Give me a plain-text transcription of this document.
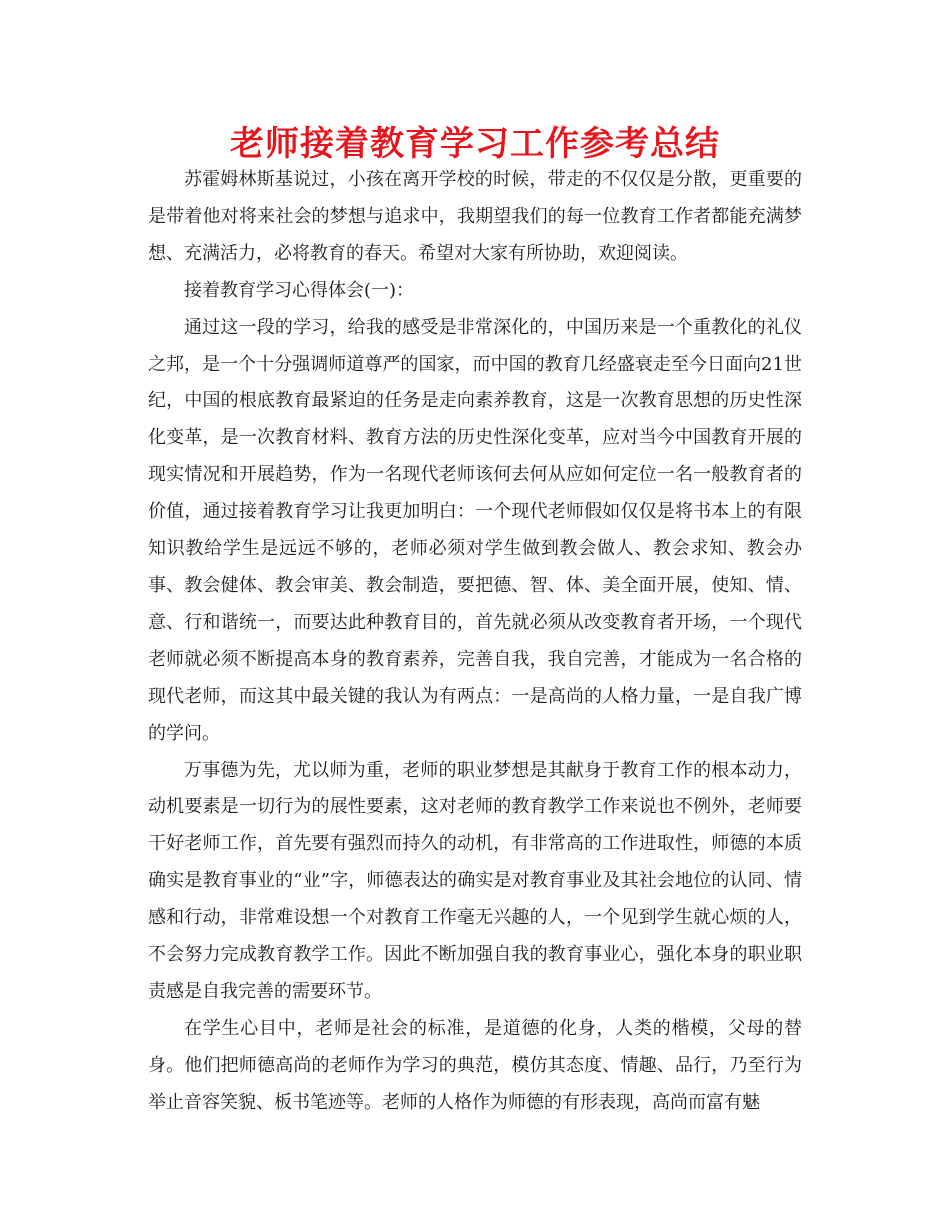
老师接着教育学习工作参考总结

苏霍姆林斯基说过，小孩在离开学校的时候，带走的不仅仅是分散，更重要的是带着他对将来社会的梦想与追求中，我期望我们的每一位教育工作者都能充满梦想、充满活力，必将教育的春天。希望对大家有所协助，欢迎阅读。

接着教育学习心得体会(一)：

通过这一段的学习，给我的感受是非常深化的，中国历来是一个重教化的礼仪之邦，是一个十分强调师道尊严的国家，而中国的教育几经盛衰走至今日面向21世纪，中国的根底教育最紧迫的任务是走向素养教育，这是一次教育思想的历史性深化变革，是一次教育材料、教育方法的历史性深化变革，应对当今中国教育开展的现实情况和开展趋势，作为一名现代老师该何去何从应如何定位一名一般教育者的价值，通过接着教育学习让我更加明白：一个现代老师假如仅仅是将书本上的有限知识教给学生是远远不够的，老师必须对学生做到教会做人、教会求知、教会办事、教会健体、教会审美、教会制造，要把德、智、体、美全面开展，使知、情、意、行和谐统一，而要达此种教育目的，首先就必须从改变教育者开场，一个现代老师就必须不断提高本身的教育素养，完善自我，我自完善，才能成为一名合格的现代老师，而这其中最关键的我认为有两点：一是高尚的人格力量，一是自我广博的学问。

万事德为先，尤以师为重，老师的职业梦想是其献身于教育工作的根本动力，动机要素是一切行为的展性要素，这对老师的教育教学工作来说也不例外，老师要干好老师工作，首先要有强烈而持久的动机，有非常高的工作进取性，师德的本质确实是教育事业的“业”字，师德表达的确实是对教育事业及其社会地位的认同、情感和行动，非常难设想一个对教育工作毫无兴趣的人，一个见到学生就心烦的人，不会努力完成教育教学工作。因此不断加强自我的教育事业心，强化本身的职业职责感是自我完善的需要环节。

在学生心目中，老师是社会的标准，是道德的化身，人类的楷模，父母的替身。他们把师德高尚的老师作为学习的典范，模仿其态度、情趣、品行，乃至行为举止音容笑貌、板书笔迹等。老师的人格作为师德的有形表现，高尚而富有魅
